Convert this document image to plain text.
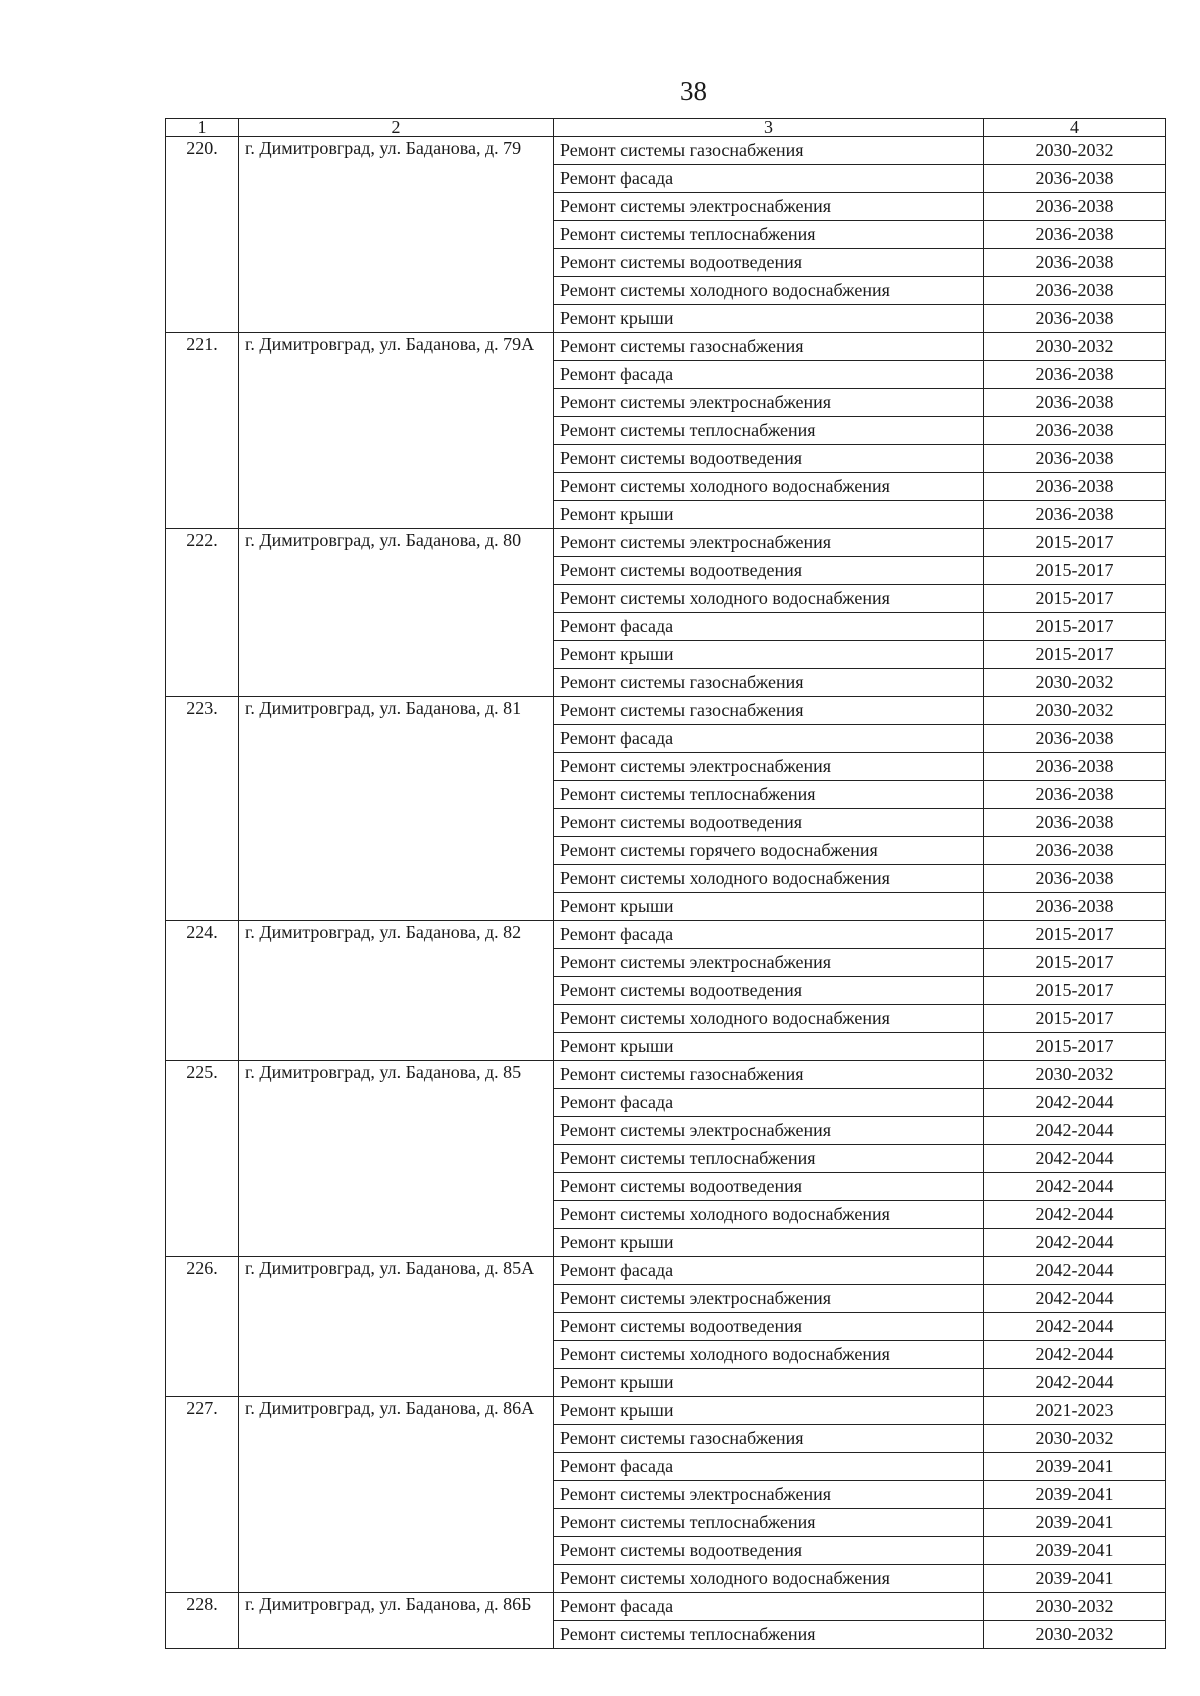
38
1	2	3	4
220.	г. Димитровград, ул. Баданова, д. 79	Ремонт системы газоснабжения	2030-2032
		Ремонт фасада	2036-2038
		Ремонт системы электроснабжения	2036-2038
		Ремонт системы теплоснабжения	2036-2038
		Ремонт системы водоотведения	2036-2038
		Ремонт системы холодного водоснабжения	2036-2038
		Ремонт крыши	2036-2038
221.	г. Димитровград, ул. Баданова, д. 79А	Ремонт системы газоснабжения	2030-2032
		Ремонт фасада	2036-2038
		Ремонт системы электроснабжения	2036-2038
		Ремонт системы теплоснабжения	2036-2038
		Ремонт системы водоотведения	2036-2038
		Ремонт системы холодного водоснабжения	2036-2038
		Ремонт крыши	2036-2038
222.	г. Димитровград, ул. Баданова, д. 80	Ремонт системы электроснабжения	2015-2017
		Ремонт системы водоотведения	2015-2017
		Ремонт системы холодного водоснабжения	2015-2017
		Ремонт фасада	2015-2017
		Ремонт крыши	2015-2017
		Ремонт системы газоснабжения	2030-2032
223.	г. Димитровград, ул. Баданова, д. 81	Ремонт системы газоснабжения	2030-2032
		Ремонт фасада	2036-2038
		Ремонт системы электроснабжения	2036-2038
		Ремонт системы теплоснабжения	2036-2038
		Ремонт системы водоотведения	2036-2038
		Ремонт системы горячего водоснабжения	2036-2038
		Ремонт системы холодного водоснабжения	2036-2038
		Ремонт крыши	2036-2038
224.	г. Димитровград, ул. Баданова, д. 82	Ремонт фасада	2015-2017
		Ремонт системы электроснабжения	2015-2017
		Ремонт системы водоотведения	2015-2017
		Ремонт системы холодного водоснабжения	2015-2017
		Ремонт крыши	2015-2017
225.	г. Димитровград, ул. Баданова, д. 85	Ремонт системы газоснабжения	2030-2032
		Ремонт фасада	2042-2044
		Ремонт системы электроснабжения	2042-2044
		Ремонт системы теплоснабжения	2042-2044
		Ремонт системы водоотведения	2042-2044
		Ремонт системы холодного водоснабжения	2042-2044
		Ремонт крыши	2042-2044
226.	г. Димитровград, ул. Баданова, д. 85А	Ремонт фасада	2042-2044
		Ремонт системы электроснабжения	2042-2044
		Ремонт системы водоотведения	2042-2044
		Ремонт системы холодного водоснабжения	2042-2044
		Ремонт крыши	2042-2044
227.	г. Димитровград, ул. Баданова, д. 86А	Ремонт крыши	2021-2023
		Ремонт системы газоснабжения	2030-2032
		Ремонт фасада	2039-2041
		Ремонт системы электроснабжения	2039-2041
		Ремонт системы теплоснабжения	2039-2041
		Ремонт системы водоотведения	2039-2041
		Ремонт системы холодного водоснабжения	2039-2041
228.	г. Димитровград, ул. Баданова, д. 86Б	Ремонт фасада	2030-2032
		Ремонт системы теплоснабжения	2030-2032
